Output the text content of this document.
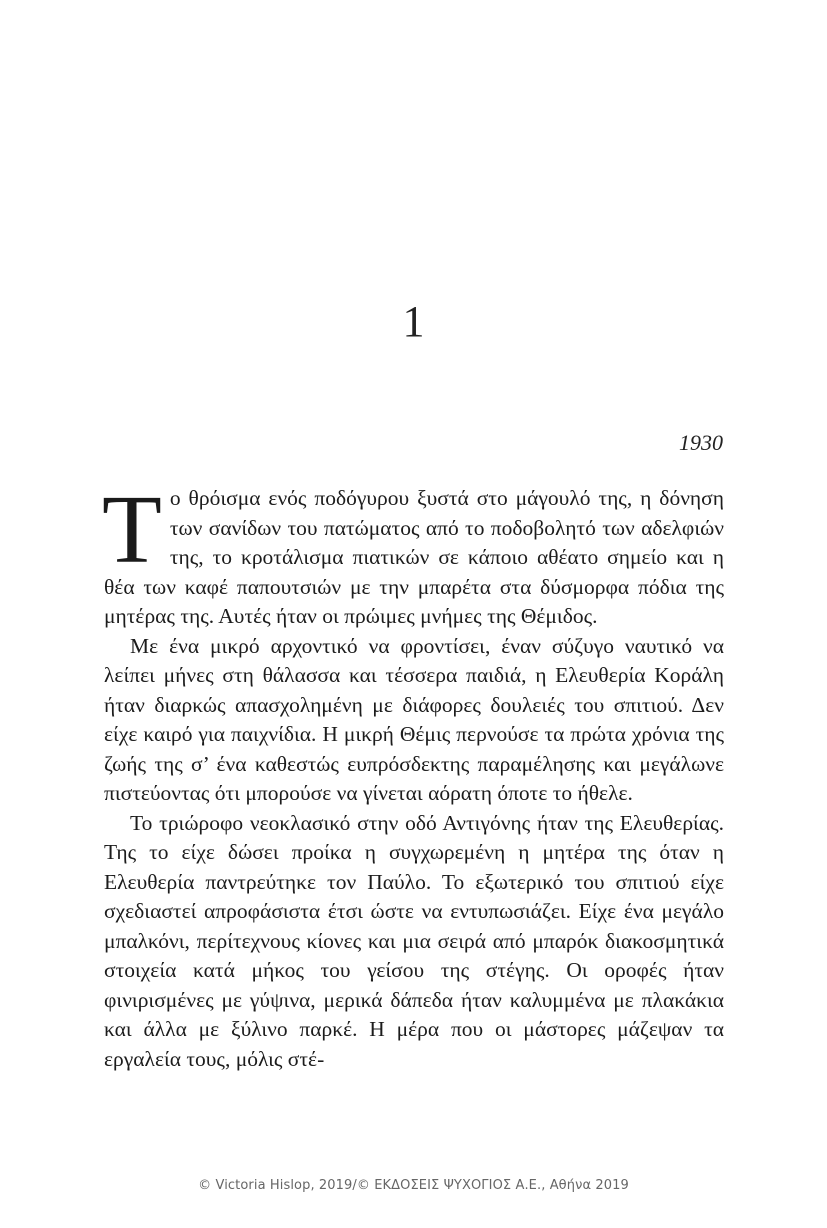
1
1930

Το θρόισμα ενός ποδόγυρου ξυστά στο μάγουλό της, η δόνηση των σανίδων του πατώματος από το ποδοβολητό των αδελφιών της, το κροτάλισμα πιατικών σε κάποιο αθέατο σημείο και η θέα των καφέ παπουτσιών με την μπαρέτα στα δύσμορφα πόδια της μητέρας της. Αυτές ήταν οι πρώιμες μνήμες της Θέμιδος.

Με ένα μικρό αρχοντικό να φροντίσει, έναν σύζυγο ναυτικό να λείπει μήνες στη θάλασσα και τέσσερα παιδιά, η Ελευθερία Κοράλη ήταν διαρκώς απασχολημένη με διάφορες δουλειές του σπιτιού. Δεν είχε καιρό για παιχνίδια. Η μικρή Θέμις περνούσε τα πρώτα χρόνια της ζωής της σ’ ένα καθεστώς ευπρόσδεκτης παραμέλησης και μεγάλωνε πιστεύοντας ότι μπορούσε να γίνεται αόρατη όποτε το ήθελε.

Το τριώροφο νεοκλασικό στην οδό Αντιγόνης ήταν της Ελευθερίας. Της το είχε δώσει προίκα η συγχωρεμένη η μητέρα της όταν η Ελευθερία παντρεύτηκε τον Παύλο. Το εξωτερικό του σπιτιού είχε σχεδιαστεί απροφάσιστα έτσι ώστε να εντυπωσιάζει. Είχε ένα μεγάλο μπαλκόνι, περίτεχνους κίονες και μια σειρά από μπαρόκ διακοσμητικά στοιχεία κατά μήκος του γείσου της στέγης. Οι οροφές ήταν φινιρισμένες με γύψινα, μερικά δάπεδα ήταν καλυμμένα με πλακάκια και άλλα με ξύλινο παρκέ. Η μέρα που οι μάστορες μάζεψαν τα εργαλεία τους, μόλις στέ-

© Victoria Hislop, 2019/© ΕΚΔΟΣΕΙΣ ΨΥΧΟΓΙΟΣ Α.Ε., Αθήνα 2019
